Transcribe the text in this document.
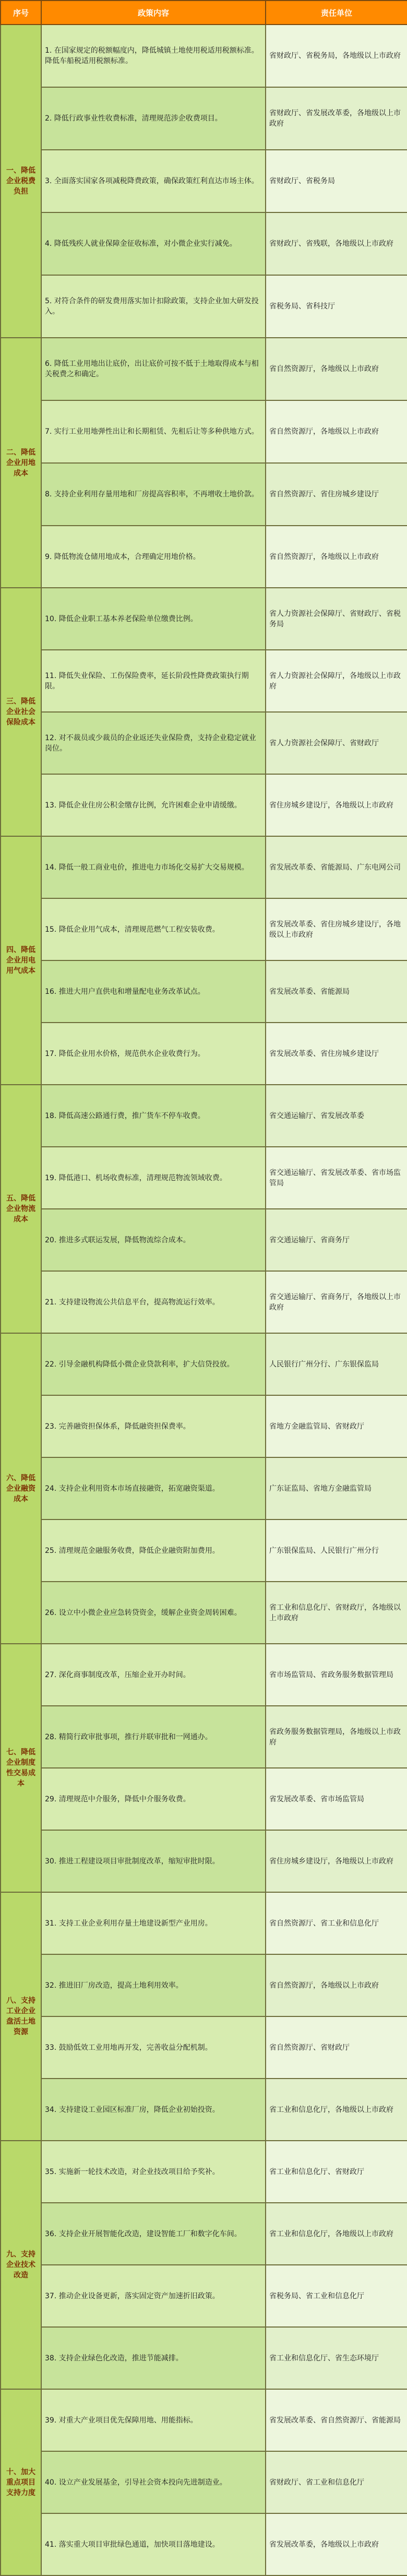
序号	政策内容	责任单位
一、降低企业税费负担	1. 在国家规定的税额幅度内，降低城镇土地使用税适用税额标准。降低车船税适用税额标准。	省财政厅、省税务局，各地级以上市政府
	2. 降低行政事业性收费标准，清理规范涉企收费项目。	省财政厅、省发展改革委，各地级以上市政府
	3. 全面落实国家各项减税降费政策，确保政策红利直达市场主体。	省财政厅、省税务局
	4. 降低残疾人就业保障金征收标准，对小微企业实行减免。	省财政厅、省残联，各地级以上市政府
	5. 对符合条件的研发费用落实加计扣除政策，支持企业加大研发投入。	省税务局、省科技厅
二、降低企业用地成本	6. 降低工业用地出让底价，出让底价可按不低于土地取得成本与相关税费之和确定。	省自然资源厅，各地级以上市政府
	7. 实行工业用地弹性出让和长期租赁、先租后让等多种供地方式。	省自然资源厅，各地级以上市政府
	8. 支持企业利用存量用地和厂房提高容积率，不再增收土地价款。	省自然资源厅、省住房城乡建设厅
	9. 降低物流仓储用地成本，合理确定用地价格。	省自然资源厅，各地级以上市政府
三、降低企业社会保险成本	10. 降低企业职工基本养老保险单位缴费比例。	省人力资源社会保障厅、省财政厅、省税务局
	11. 降低失业保险、工伤保险费率，延长阶段性降费政策执行期限。	省人力资源社会保障厅，各地级以上市政府
	12. 对不裁员或少裁员的企业返还失业保险费，支持企业稳定就业岗位。	省人力资源社会保障厅、省财政厅
	13. 降低企业住房公积金缴存比例，允许困难企业申请缓缴。	省住房城乡建设厅，各地级以上市政府
四、降低企业用电用气成本	14. 降低一般工商业电价，推进电力市场化交易扩大交易规模。	省发展改革委、省能源局、广东电网公司
	15. 降低企业用气成本，清理规范燃气工程安装收费。	省发展改革委、省住房城乡建设厅，各地级以上市政府
	16. 推进大用户直供电和增量配电业务改革试点。	省发展改革委、省能源局
	17. 降低企业用水价格，规范供水企业收费行为。	省发展改革委、省住房城乡建设厅
五、降低企业物流成本	18. 降低高速公路通行费，推广货车不停车收费。	省交通运输厅、省发展改革委
	19. 降低港口、机场收费标准，清理规范物流领域收费。	省交通运输厅、省发展改革委、省市场监管局
	20. 推进多式联运发展，降低物流综合成本。	省交通运输厅、省商务厅
	21. 支持建设物流公共信息平台，提高物流运行效率。	省交通运输厅、省商务厅，各地级以上市政府
六、降低企业融资成本	22. 引导金融机构降低小微企业贷款利率，扩大信贷投放。	人民银行广州分行、广东银保监局
	23. 完善融资担保体系，降低融资担保费率。	省地方金融监管局、省财政厅
	24. 支持企业利用资本市场直接融资，拓宽融资渠道。	广东证监局、省地方金融监管局
	25. 清理规范金融服务收费，降低企业融资附加费用。	广东银保监局、人民银行广州分行
	26. 设立中小微企业应急转贷资金，缓解企业资金周转困难。	省工业和信息化厅、省财政厅，各地级以上市政府
七、降低企业制度性交易成本	27. 深化商事制度改革，压缩企业开办时间。	省市场监管局、省政务服务数据管理局
	28. 精简行政审批事项，推行并联审批和一网通办。	省政务服务数据管理局，各地级以上市政府
	29. 清理规范中介服务，降低中介服务收费。	省发展改革委、省市场监管局
	30. 推进工程建设项目审批制度改革，缩短审批时限。	省住房城乡建设厅，各地级以上市政府
八、支持工业企业盘活土地资源	31. 支持工业企业利用存量土地建设新型产业用房。	省自然资源厅、省工业和信息化厅
	32. 推进旧厂房改造，提高土地利用效率。	省自然资源厅，各地级以上市政府
	33. 鼓励低效工业用地再开发，完善收益分配机制。	省自然资源厅、省财政厅
	34. 支持建设工业园区标准厂房，降低企业初始投资。	省工业和信息化厅，各地级以上市政府
九、支持企业技术改造	35. 实施新一轮技术改造，对企业技改项目给予奖补。	省工业和信息化厅、省财政厅
	36. 支持企业开展智能化改造，建设智能工厂和数字化车间。	省工业和信息化厅，各地级以上市政府
	37. 推动企业设备更新，落实固定资产加速折旧政策。	省税务局、省工业和信息化厅
	38. 支持企业绿色化改造，推进节能减排。	省工业和信息化厅、省生态环境厅
十、加大重点项目支持力度	39. 对重大产业项目优先保障用地、用能指标。	省发展改革委、省自然资源厅、省能源局
	40. 设立产业发展基金，引导社会资本投向先进制造业。	省财政厅、省工业和信息化厅
	41. 落实重大项目审批绿色通道，加快项目落地建设。	省发展改革委，各地级以上市政府
